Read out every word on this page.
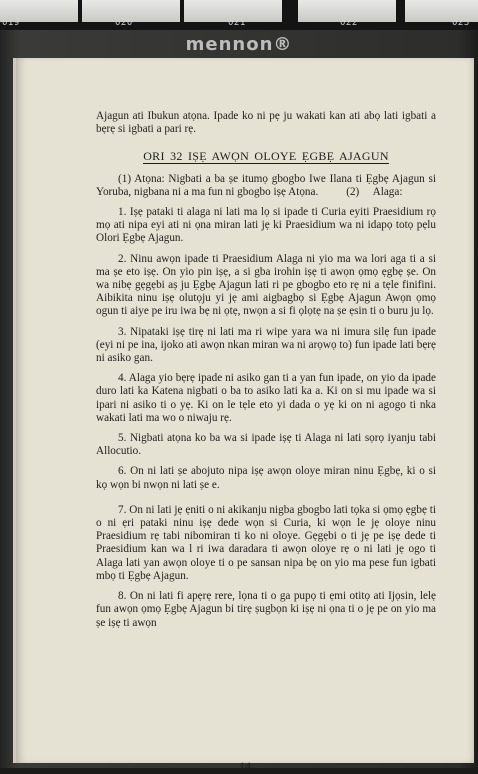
019	020	021	022	023
mennon®

Ajagun ati Ibukun atọna. Ipade ko ni pẹ ju wakati kan ati abọ lati igbati a bẹrẹ si igbati a pari rẹ.

ORI 32 IṢẸ AWỌN OLOYE ẸGBẸ AJAGUN

(1) Atọna: Nigbati a ba ṣe itumọ gbogbo Iwe Ilana ti Ẹgbẹ Ajagun si Yoruba, nigbana ni a ma fun ni gbogbo iṣẹ Atọna.          (2)     Alaga:

1. Iṣẹ pataki ti alaga ni lati ma lọ si ipade ti Curia eyiti Praesidium rọ mọ ati nipa eyi ati ni ọna miran lati jẹ ki Praesidium wa ni idapọ totọ pẹlu Olori Ẹgbẹ Ajagun.

2. Ninu awọn ipade ti Praesidium Alaga ni yio ma wa lori aga ti a si ma ṣe eto iṣẹ. On yio pin iṣẹ, a si gba irohin iṣẹ ti awọn ọmọ ẹgbẹ ṣe. On wa nibẹ gẹgẹbi aṣ ju Ẹgbẹ Ajagun lati ri pe gbogbo eto rẹ ni a tẹle finifini. Aibikita ninu iṣẹ olutọju yi jẹ ami aigbagbọ si Ẹgbẹ Ajagun Awọn ọmọ ogun ti aiye pe iru iwa bẹ ni ọtẹ, nwọn a si fi ọlọtẹ na ṣe ẹsin ti o buru ju lọ.

3. Nipataki iṣẹ tirẹ ni lati ma ri wipe yara wa ni imura silẹ fun ipade (eyi ni pe ina, ijoko ati awọn nkan miran wa ni arọwọ to) fun ipade lati bẹrẹ ni asiko gan.

4. Alaga yio bẹrẹ ipade ni asiko gan ti a yan fun ipade, on yio da ipade duro lati ka Katena nigbati o ba to asiko lati ka a. Ki on si mu ipade wa si ipari ni asiko ti o yẹ. Ki on le tẹle eto yi dada o yẹ ki on ni agogo ti nka wakati lati ma wo o niwaju rẹ.

5. Nigbati atọna ko ba wa si ipade iṣẹ ti Alaga ni lati sọrọ iyanju tabi Allocutio.

6. On ni lati ṣe abojuto nipa iṣẹ awọn oloye miran ninu Ẹgbẹ, ki o si kọ wọn bi nwọn ni lati ṣe e.

7. On ni lati jẹ ẹniti o ni akikanju nigba gbogbo lati tọka si ọmọ ẹgbẹ ti o ni ẹri pataki ninu iṣẹ dede wọn si Curia, ki wọn le jẹ oloye ninu Praesidium rẹ tabi nibomiran ti ko ni oloye. Gẹgẹbi o ti jẹ pe iṣẹ dede ti Praesidium kan wa l ri iwa daradara ti awọn oloye rẹ o ni lati jẹ ogo ti Alaga lati yan awọn oloye ti o pe sansan nipa bẹ on yio ma pese fun igbati mbọ ti Ẹgbẹ Ajagun.

8. On ni lati fi apẹrẹ rere, lọna ti o ga pupọ ti ẹmi otitọ ati Ijọsin, lelẹ fun awọn ọmọ Ẹgbẹ Ajagun bi tirẹ ṣugbọn ki iṣẹ ni ọna ti o jẹ pe on yio ma ṣe iṣẹ ti awọn

14
